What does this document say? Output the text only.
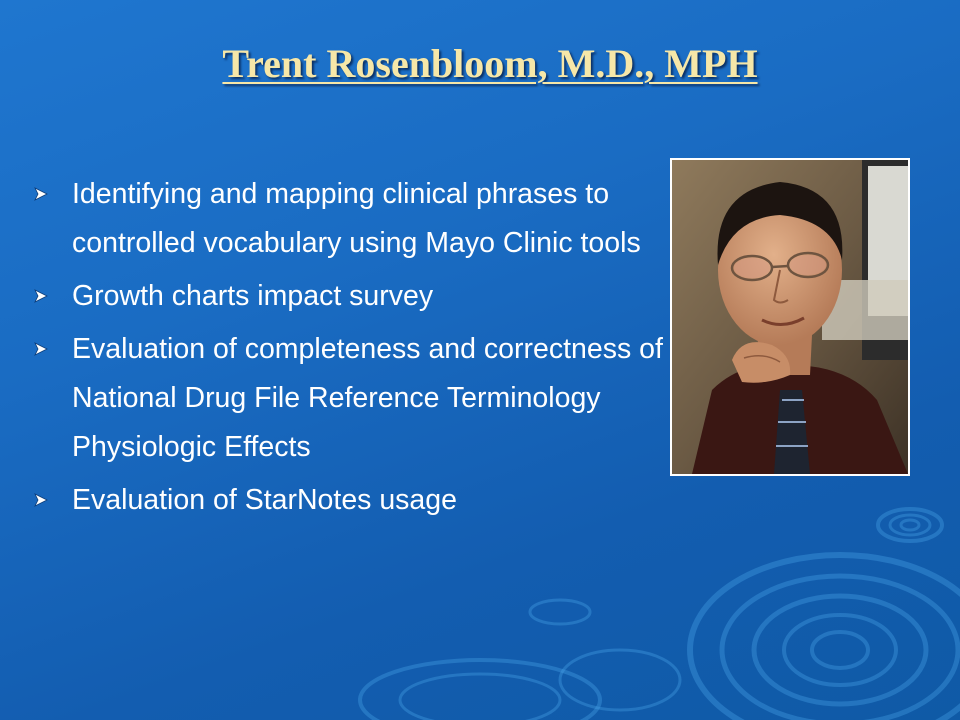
Trent Rosenbloom, M.D., MPH
Identifying and mapping clinical phrases to controlled vocabulary using Mayo Clinic tools
Growth charts impact survey
Evaluation of completeness and correctness of National Drug File Reference Terminology Physiologic Effects
Evaluation of StarNotes usage
